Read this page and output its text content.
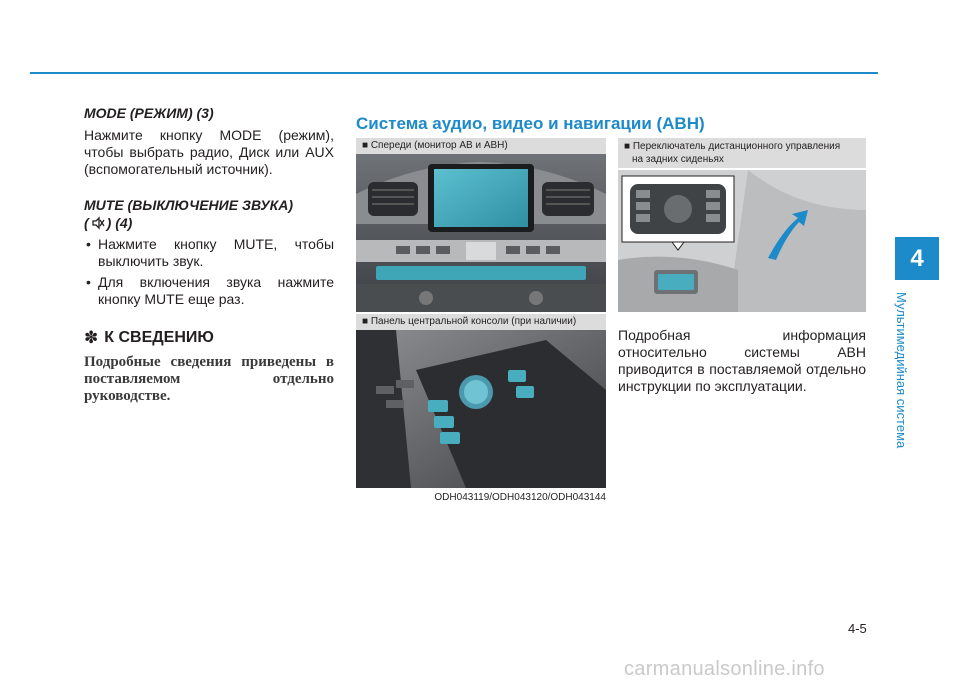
4
Мультимедийная система

MODE (РЕЖИМ) (3)

Нажмите кнопку MODE (режим), чтобы выбрать радио, Диск или AUX (вспомогательный источник).

MUTE (ВЫКЛЮЧЕНИЕ ЗВУКА)

( ) (4)

• Нажмите кнопку MUTE, чтобы выключить звук.

• Для включения звука нажмите кнопку MUTE еще раз.

✽ К СВЕДЕНИЮ
Подробные сведения приведены в поставляемом отдельно
руководстве.
Система аудио, видео и навигации (АВН)
■ Спереди (монитор АВ и АВН)
■ Панель центральной консоли (при наличии)
ODH043119/ODH043120/ODH043144
■ Переключатель дистанционного управления
на задних сиденьях
Подробная информация относительно системы АВН приводится в поставляемой отдельно инструкции по эксплуатации.
4-5
carmanualsonline.info
